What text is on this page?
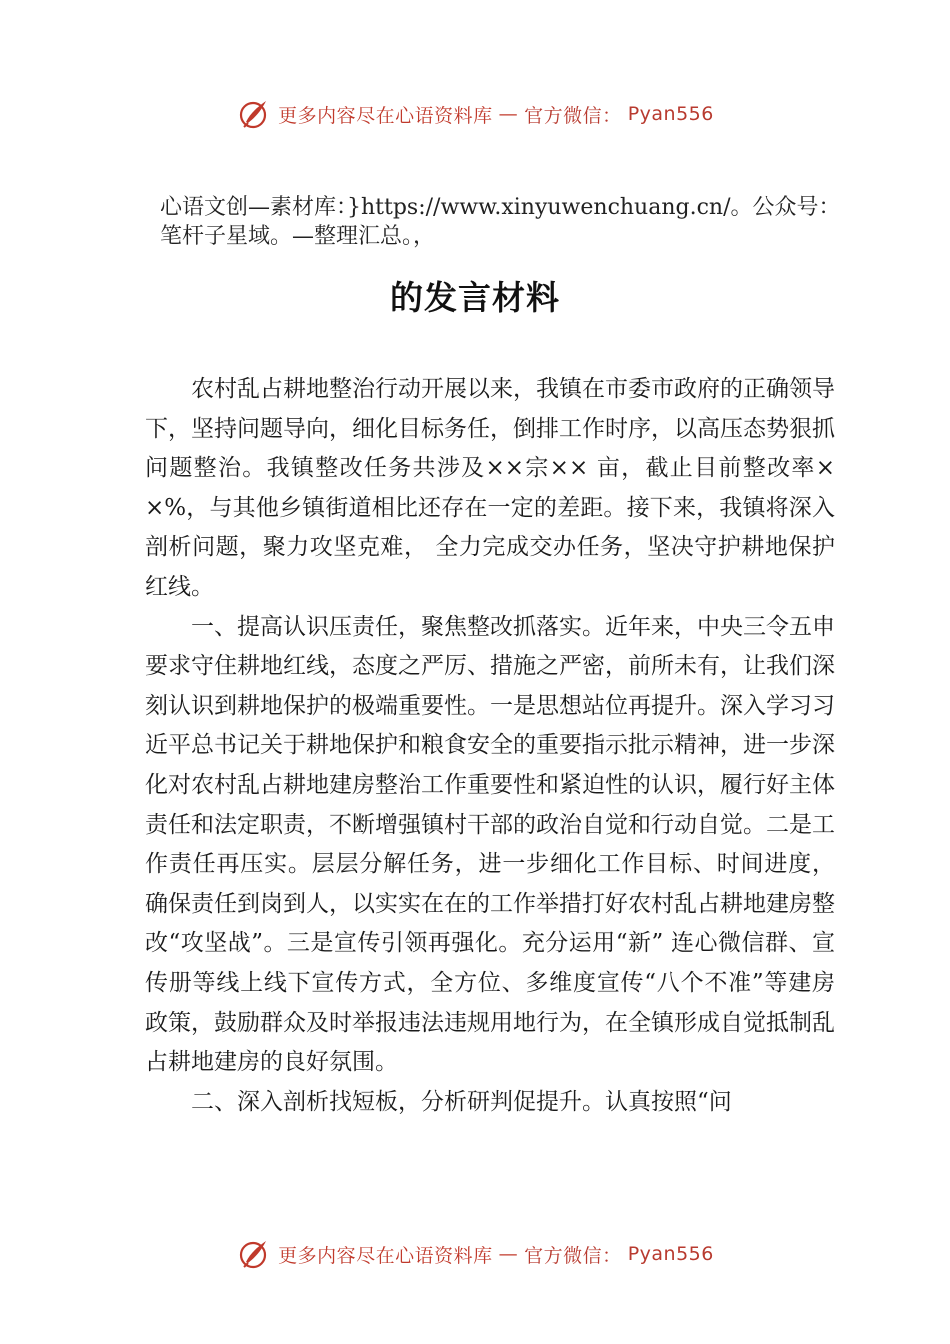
更多内容尽在心语资料库 — 官方微信： Pyan556
心语文创—素材库：}https://www.xinyuwenchuang.cn/。公众号：笔杆子星域。—整理汇总。，
的发言材料

农村乱占耕地整治行动开展以来，我镇在市委市政府的正确领导下，坚持问题导向，细化目标务任，倒排工作时序，以高压态势狠抓问题整治。我镇整改任务共涉及××宗×× 亩，截止目前整改率××%，与其他乡镇街道相比还存在一定的差距。接下来，我镇将深入剖析问题，聚力攻坚克难， 全力完成交办任务，坚决守护耕地保护红线。

一、提高认识压责任，聚焦整改抓落实。近年来，中央三令五申要求守住耕地红线，态度之严厉、措施之严密，前所未有，让我们深刻认识到耕地保护的极端重要性。一是思想站位再提升。深入学习习近平总书记关于耕地保护和粮食安全的重要指示批示精神，进一步深化对农村乱占耕地建房整治工作重要性和紧迫性的认识，履行好主体责任和法定职责，不断增强镇村干部的政治自觉和行动自觉。二是工作责任再压实。层层分解任务，进一步细化工作目标、时间进度， 确保责任到岗到人，以实实在在的工作举措打好农村乱占耕地建房整改“攻坚战”。三是宣传引领再强化。充分运用“新” 连心微信群、宣传册等线上线下宣传方式，全方位、多维度宣传“八个不准”等建房政策，鼓励群众及时举报违法违规用地行为，在全镇形成自觉抵制乱占耕地建房的良好氛围。

二、深入剖析找短板，分析研判促提升。认真按照“问

更多内容尽在心语资料库 — 官方微信： Pyan556
